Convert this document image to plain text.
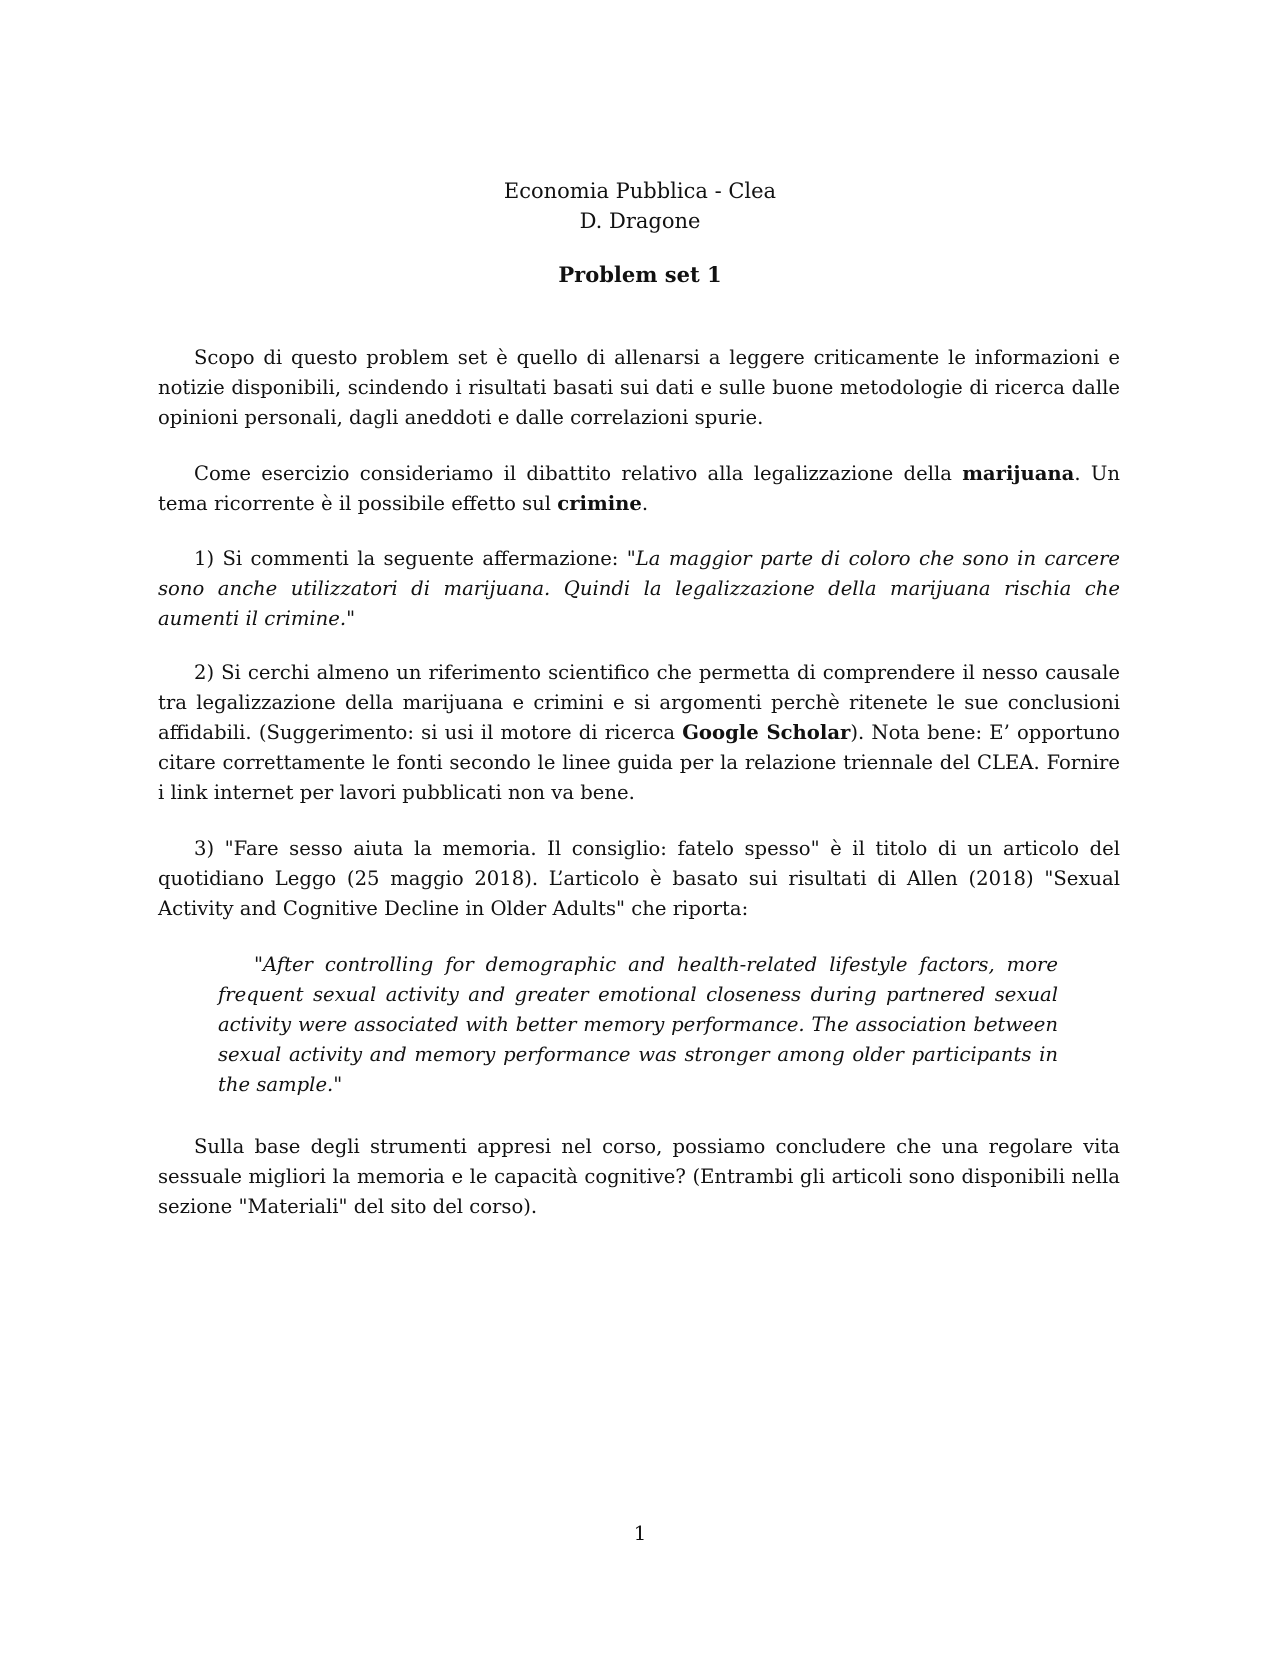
Economia Pubblica - Clea
D. Dragone
Problem set 1

Scopo di questo problem set è quello di allenarsi a leggere criticamente le informazioni e notizie disponibili, scindendo i risultati basati sui dati e sulle buone metodologie di ricerca dalle opinioni personali, dagli aneddoti e dalle correlazioni spurie.

Come esercizio consideriamo il dibattito relativo alla legalizzazione della marijuana. Un tema ricorrente è il possibile effetto sul crimine.

1) Si commenti la seguente affermazione: "La maggior parte di coloro che sono in carcere sono anche utilizzatori di marijuana. Quindi la legalizzazione della marijuana rischia che aumenti il crimine."

2) Si cerchi almeno un riferimento scientifico che permetta di comprendere il nesso causale tra legalizzazione della marijuana e crimini e si argomenti perchè ritenete le sue conclusioni affidabili. (Suggerimento: si usi il motore di ricerca Google Scholar). Nota bene: E’ opportuno citare correttamente le fonti secondo le linee guida per la relazione triennale del CLEA. Fornire i link internet per lavori pubblicati non va bene.

3) "Fare sesso aiuta la memoria. Il consiglio: fatelo spesso" è il titolo di un articolo del quotidiano Leggo (25 maggio 2018). L’articolo è basato sui risultati di Allen (2018) "Sexual Activity and Cognitive Decline in Older Adults" che riporta:

"After controlling for demographic and health-related lifestyle factors, more frequent sexual activity and greater emotional closeness during partnered sexual activity were associated with better memory performance. The association between sexual activity and memory performance was stronger among older participants in the sample."

Sulla base degli strumenti appresi nel corso, possiamo concludere che una regolare vita sessuale migliori la memoria e le capacità cognitive? (Entrambi gli articoli sono disponibili nella sezione "Materiali" del sito del corso).

1
